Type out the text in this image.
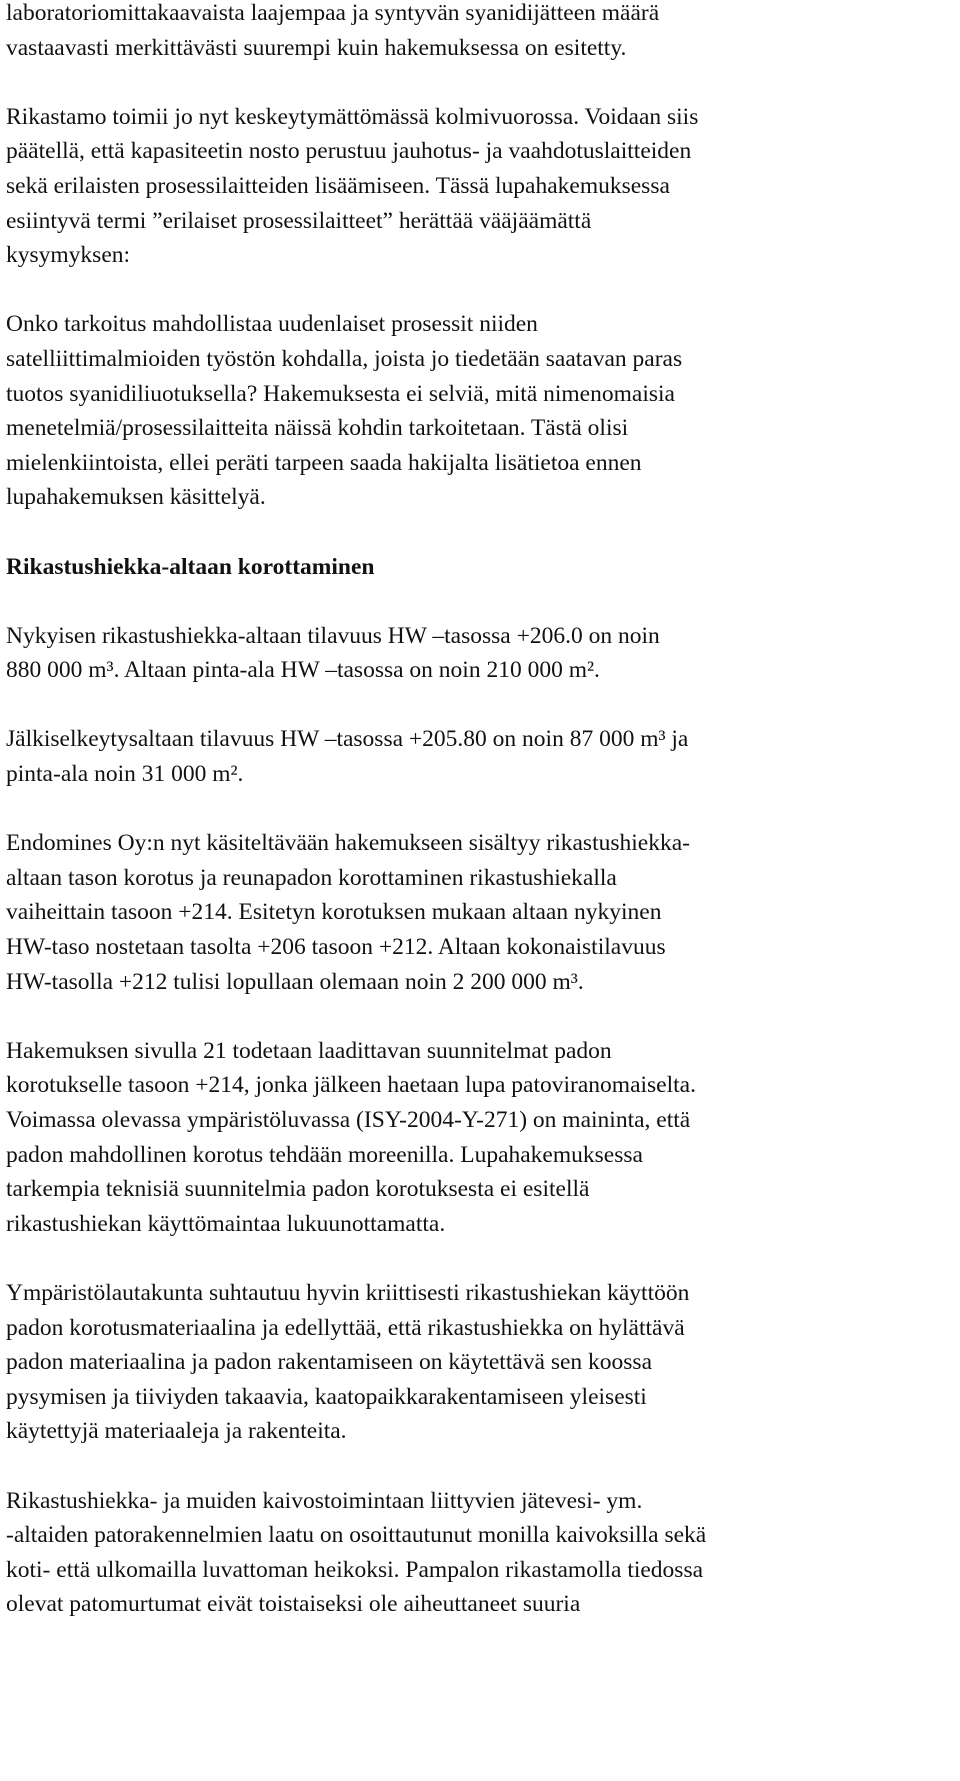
laboratoriomittakaavaista laajempaa ja syntyvän syanidijätteen määrä
vastaavasti merkittävästi suurempi kuin hakemuksessa on esitetty.

Rikastamo toimii jo nyt keskeytymättömässä kolmivuorossa. Voidaan siis
päätellä, että kapasiteetin nosto perustuu jauhotus- ja vaahdotuslaitteiden
sekä erilaisten prosessilaitteiden lisäämiseen. Tässä lupahakemuksessa
esiintyvä termi ”erilaiset prosessilaitteet” herättää vääjäämättä
kysymyksen:

Onko tarkoitus mahdollistaa uudenlaiset prosessit niiden
satelliittimalmioiden työstön kohdalla, joista jo tiedetään saatavan paras
tuotos syanidiliuotuksella? Hakemuksesta ei selviä, mitä nimenomaisia
menetelmiä/prosessilaitteita näissä kohdin tarkoitetaan. Tästä olisi
mielenkiintoista, ellei peräti tarpeen saada hakijalta lisätietoa ennen
lupahakemuksen käsittelyä.

Rikastushiekka-altaan korottaminen

Nykyisen rikastushiekka-altaan tilavuus HW –tasossa +206.0 on noin
880 000 m³. Altaan pinta-ala HW –tasossa on noin 210 000 m².

Jälkiselkeytysaltaan tilavuus HW –tasossa +205.80 on noin 87 000 m³ ja
pinta-ala noin 31 000 m².

Endomines Oy:n nyt käsiteltävään hakemukseen sisältyy rikastushiekka-
altaan tason korotus ja reunapadon korottaminen rikastushiekalla
vaiheittain tasoon +214. Esitetyn korotuksen mukaan altaan nykyinen
HW-taso nostetaan tasolta +206 tasoon +212. Altaan kokonaistilavuus
HW-tasolla +212 tulisi lopullaan olemaan noin 2 200 000 m³.

Hakemuksen sivulla 21 todetaan laadittavan suunnitelmat padon
korotukselle tasoon +214, jonka jälkeen haetaan lupa patoviranomaiselta.
Voimassa olevassa ympäristöluvassa (ISY-2004-Y-271) on maininta, että
padon mahdollinen korotus tehdään moreenilla. Lupahakemuksessa
tarkempia teknisiä suunnitelmia padon korotuksesta ei esitellä
rikastushiekan käyttömaintaa lukuunottamatta.

Ympäristölautakunta suhtautuu hyvin kriittisesti rikastushiekan käyttöön
padon korotusmateriaalina ja edellyttää, että rikastushiekka on hylättävä
padon materiaalina ja padon rakentamiseen on käytettävä sen koossa
pysymisen ja tiiviyden takaavia, kaatopaikkarakentamiseen yleisesti
käytettyjä materiaaleja ja rakenteita.

Rikastushiekka- ja muiden kaivostoimintaan liittyvien jätevesi- ym.
-altaiden patorakennelmien laatu on osoittautunut monilla kaivoksilla sekä
koti- että ulkomailla luvattoman heikoksi. Pampalon rikastamolla tiedossa
olevat patomurtumat eivät toistaiseksi ole aiheuttaneet suuria
